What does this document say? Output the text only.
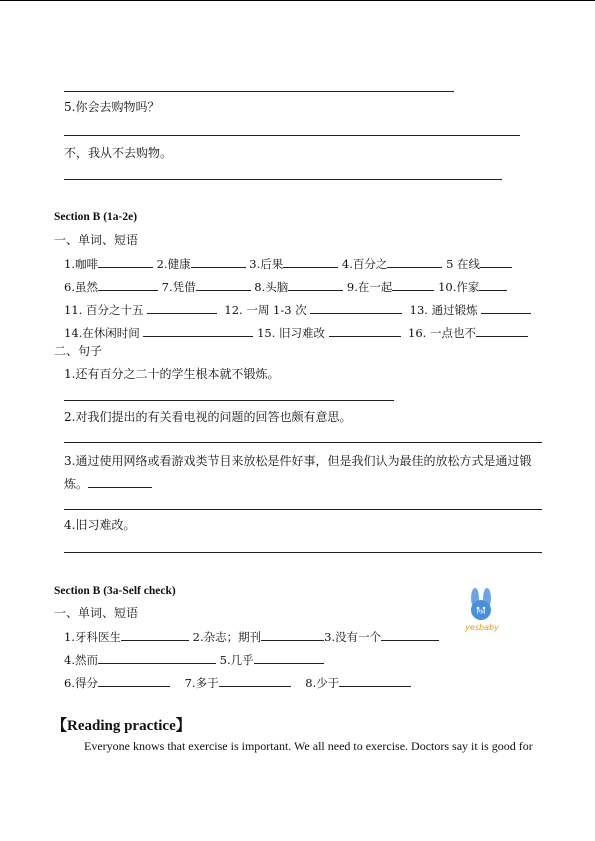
5.你会去购物吗？
不，我从不去购物。
Section B (1a-2e)
一、单词、短语
1.咖啡	2.健康	3.后果	4.百分之	5 在线
6.虽然	7.凭借	8.头脑	9.在一起	10.作家
11. 百分之十五	12. 一周 1-3 次	13. 通过锻炼
14.在休闲时间	15. 旧习难改	16. 一点也不
二、句子
1.还有百分之二十的学生根本就不锻炼。
2.对我们提出的有关看电视的问题的回答也颇有意思。
3.通过使用网络或看游戏类节目来放松是件好事，但是我们认为最佳的放松方式是通过锻
炼。
4.旧习难改。
Section B (3a-Self check)
一、单词、短语
1.牙科医生	2.杂志；期刊	3.没有一个
4.然而	5.几乎
6.得分	7.多于	8.少于
PM
yesbaby
【Reading practice】
Everyone knows that exercise is important. We all need to exercise. Doctors say it is good for
